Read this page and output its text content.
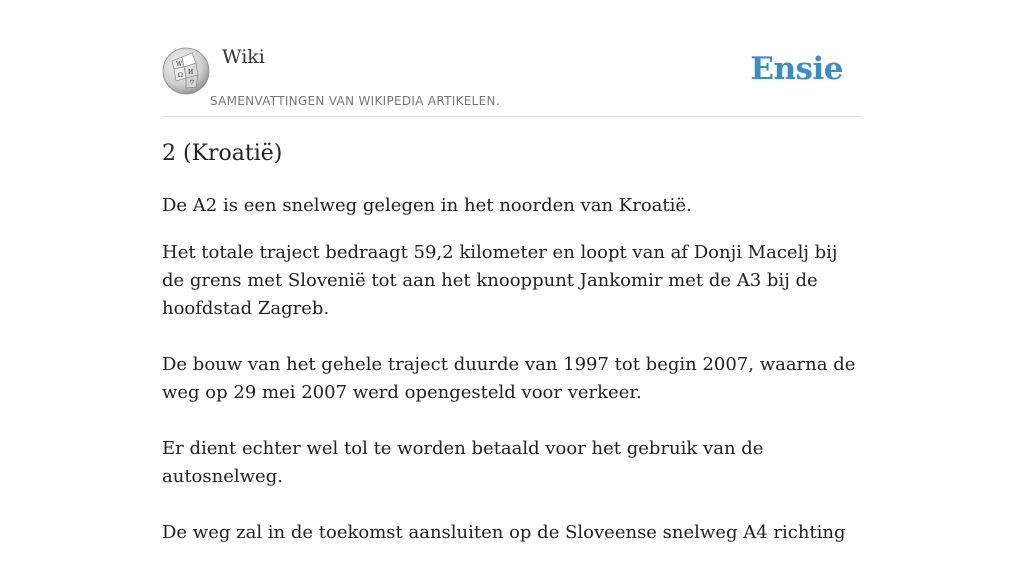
W
И
Ω
ウ
Wiki
SAMENVATTINGEN VAN WIKIPEDIA ARTIKELEN.
Ensie
2 (Kroatië)

De A2 is een snelweg gelegen in het noorden van Kroatië.

Het totale traject bedraagt 59,2 kilometer en loopt van af Donji Macelj bij de grens met Slovenië tot aan het knooppunt Jankomir met de A3 bij de hoofdstad Zagreb.

De bouw van het gehele traject duurde van 1997 tot begin 2007, waarna de weg op 29 mei 2007 werd opengesteld voor verkeer.

Er dient echter wel tol te worden betaald voor het gebruik van de autosnelweg.

De weg zal in de toekomst aansluiten op de Sloveense snelweg A4 richting
